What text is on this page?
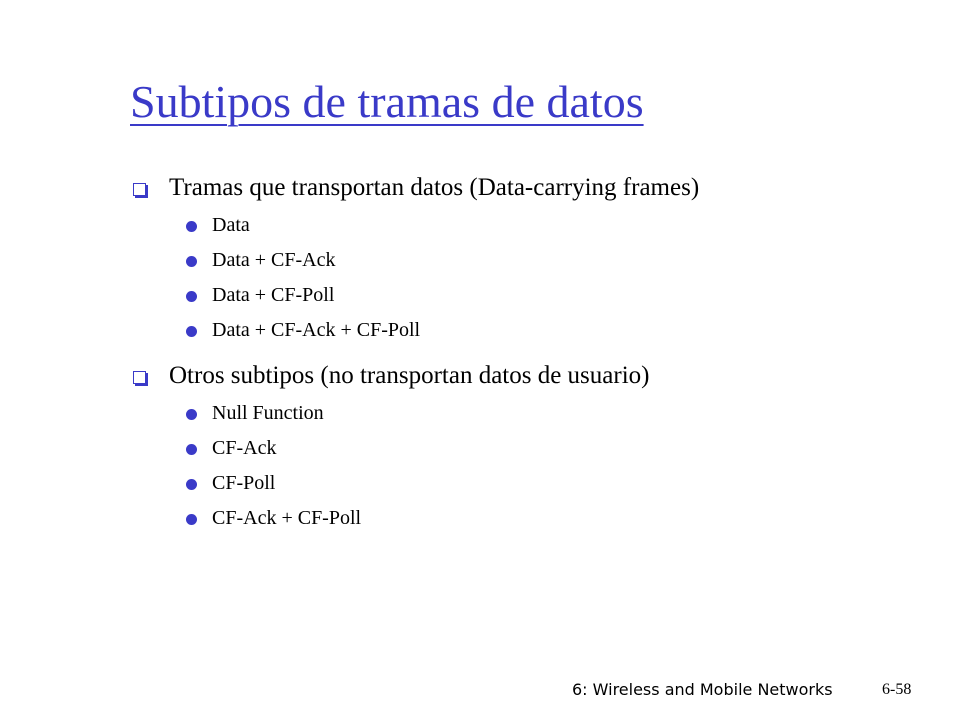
Subtipos de tramas de datos
Tramas que transportan datos (Data-carrying frames)
Data
Data + CF-Ack
Data + CF-Poll
Data + CF-Ack + CF-Poll
Otros subtipos (no transportan datos de usuario)
Null Function
CF-Ack
CF-Poll
CF-Ack + CF-Poll
6: Wireless and Mobile Networks	6-58
